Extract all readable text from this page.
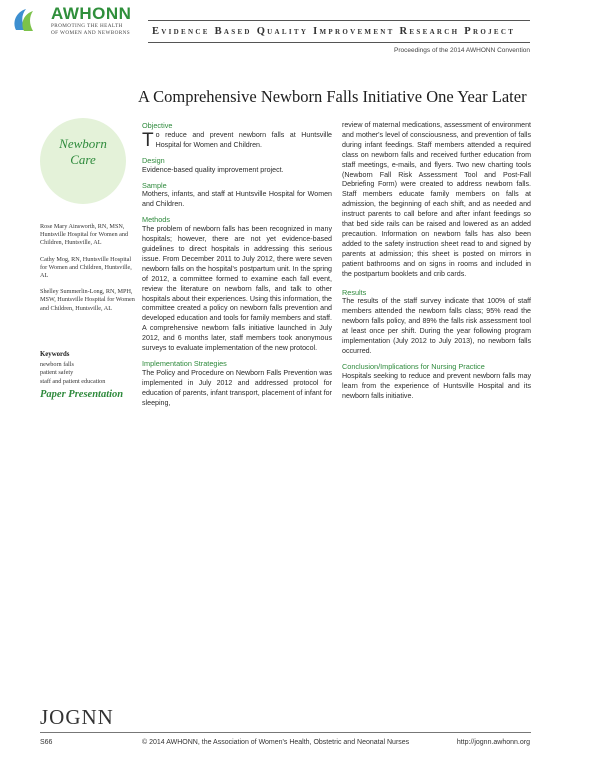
AWHONN
PROMOTING THE HEALTH OF WOMEN AND NEWBORNS Evidence Based Quality Improvement Research Project
Proceedings of the 2014 AWHONN Convention
A Comprehensive Newborn Falls Initiative One Year Later
Newborn
Care

Rose Mary Ainsworth, RN, MSN, Huntsville Hospital for Women and Children, Huntsville, AL

Cathy Mog, RN, Huntsville Hospital for Women and Children, Huntsville, AL

Shelley Summerlin-Long, RN, MPH, MSW, Huntsville Hospital for Women and Children, Huntsville, AL

Keywords
newborn falls
patient safety
staff and patient education
Paper Presentation
Objective

To reduce and prevent newborn falls at Huntsville Hospital for Women and Children.

Design

Evidence-based quality improvement project.

Sample

Mothers, infants, and staff at Huntsville Hospital for Women and Children.

Methods

The problem of newborn falls has been recognized in many hospitals; however, there are not yet evidence-based guidelines to direct hospitals in addressing this serious issue. From December 2011 to July 2012, there were seven newborn falls on the hospital's postpartum unit. In the spring of 2012, a committee formed to examine each fall event, review the literature on newborn falls, and talk to other hospitals about their experiences. Using this information, the committee created a policy on newborn falls prevention and developed education and tools for family members and staff. A comprehensive newborn falls initiative launched in July 2012, and 6 months later, staff members took anonymous surveys to evaluate implementation of the new protocol.

Implementation Strategies

The Policy and Procedure on Newborn Falls Prevention was implemented in July 2012 and addressed protocol for education of parents, infant transport, placement of infant for sleeping,

review of maternal medications, assessment of environment and mother's level of consciousness, and prevention of falls during infant feedings. Staff members attended a required class on newborn falls and received further education from staff meetings, e-mails, and flyers. Two new charting tools (Newborn Fall Risk Assessment Tool and Post-Fall Debriefing Form) were created to address newborn falls. Staff members educate family members on falls at admission, the beginning of each shift, and as needed and instruct parents to call before and after infant feedings so that bed side rails can be raised and lowered as an added precaution. Information on newborn falls has also been added to the safety instruction sheet read to and signed by parents at admission; this sheet is posted on mirrors in patient bathrooms and on signs in rooms and included in the postpartum booklets and crib cards.

Results

The results of the staff survey indicate that 100% of staff members attended the newborn falls class; 95% read the newborn falls policy, and 89% the falls risk assessment tool at least once per shift. During the year following program implementation (July 2012 to July 2013), no newborn falls occurred.

Conclusion/Implications for Nursing Practice

Hospitals seeking to reduce and prevent newborn falls may learn from the experience of Huntsville Hospital and its newborn falls initiative.

JOGNN
S66	© 2014 AWHONN, the Association of Women's Health, Obstetric and Neonatal Nurses	http://jognn.awhonn.org
